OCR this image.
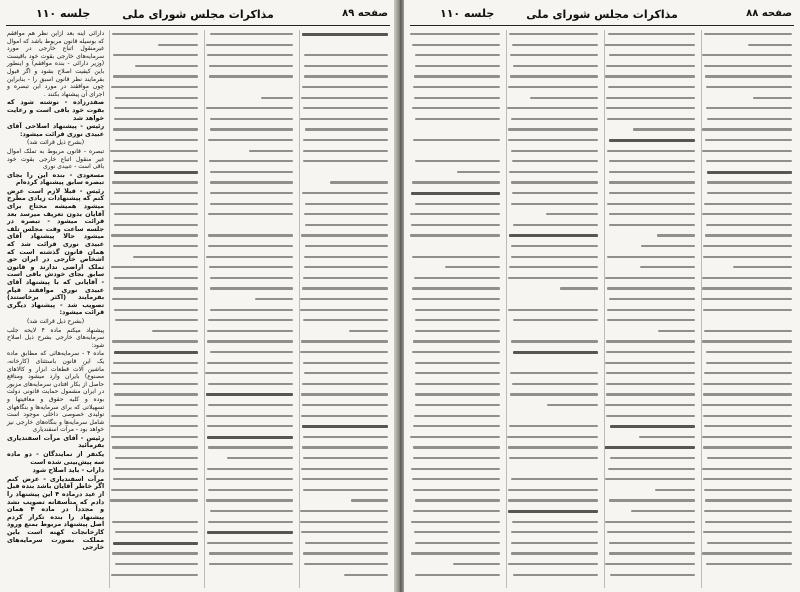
صفحه ۸۹
مذاکرات مجلس شورای ملی
جلسه ۱۱۰

دارائی اینه بعد ازاین نظر هم موافقم که بوسیله قانون مربوط باشد که اموال غیرمنقول اتباع خارجی در مورد سرمایه‌های خارجی بقوت خود باقیست (وزیر دارائی - بنده موافقم) و اینطور باین کیفیت اصلاح بشود و اگر قبول بفرمایند نظر قانون اسبق را - بنابراین چون موافقند در مورد این تبصره و اجرای آن پیشنهاد بکنند .

صفدرزاده - نوشته شود که بقوت خود باقی است و رعایت خواهد شد

رئیس - پیشنهاد اصلاحی آقای عبیدی نوری قرائت میشود:

(بشرح ذیل قرائت شد)

تبصره - قانون مربوط به تملک اموال غیر منقول اتباع خارجی بقوت خود باقی است - عبیدی نوری

مسعودی - بنده این را بجای تبصره سابق پیشنهاد کرده‌ام

رئیس - قبلا لازم است عرض کنم که پیشنهادات زیادی مطرح میشود همیشه محتاج برای آقایان بدون تعریف میرسد بعد قرائت میشود - تبصره در جلسه ساعت وقت مجلس تلف میشود حالا پیشنهاد آقای عبیدی نوری قرائت شد که همان قانون گذشته است که اشخاص خارجی در ایران حق تملک اراضی ندارند و قانون سابق بجای خودش باقی است - آقایانی که با پیشنهاد آقای عبیدی نوری موافقند قیام بفرمایند (اکثر برخاستند) تصویب شد - پیشنهاد دیگری قرائت میشود:

(بشرح ذیل قرائت شد)

پیشنهاد میکنم ماده ۴ لایحه جلب سرمایه‌های خارجی بشرح ذیل اصلاح شود:

ماده ۴ - سرمایه‌هائی که مطابق ماده یک این قانون باستثنای (کارخانه، ماشین آلات قطعات ابزار و کالاهای مصنوع) بایران وارد میشود ومنافع حاصل از بکار افتادن سرمایه‌های مزبور در ایران مشمول حمایت قانونی دولت بوده و کلیه حقوق و معافیتها و تسهیلاتی که برای سرمایه‌ها و بنگاههای تولیدی خصوصی داخلی موجود است شامل سرمایه‌ها و بنگاه‌های خارجی نیز خواهد بود - مرآت اسفندیاری

رئیس - آقای مرآت اسفندیاری بفرمائید

یکنفر از نمایندگان - دو ماده سه پیش‌بینی شده است

داراب - باید اصلاح شود

مرآت اسفندیاری - عرض کنم اگر خاطر آقایان باشد بنده قبل از عید درماده ۴ این پیشنهاد را دادم که متأسفانه تصویب نشد و مجدداً در ماده ۴ همان پیشنهاد را بنده تکرار کردم اصل پیشنهاد مربوط بمنع ورود کارخانجات کهنه است باین مملکت بصورت سرمایه‌های خارجی

صفحه ۸۸
مذاکرات مجلس شورای ملی
جلسه ۱۱۰
